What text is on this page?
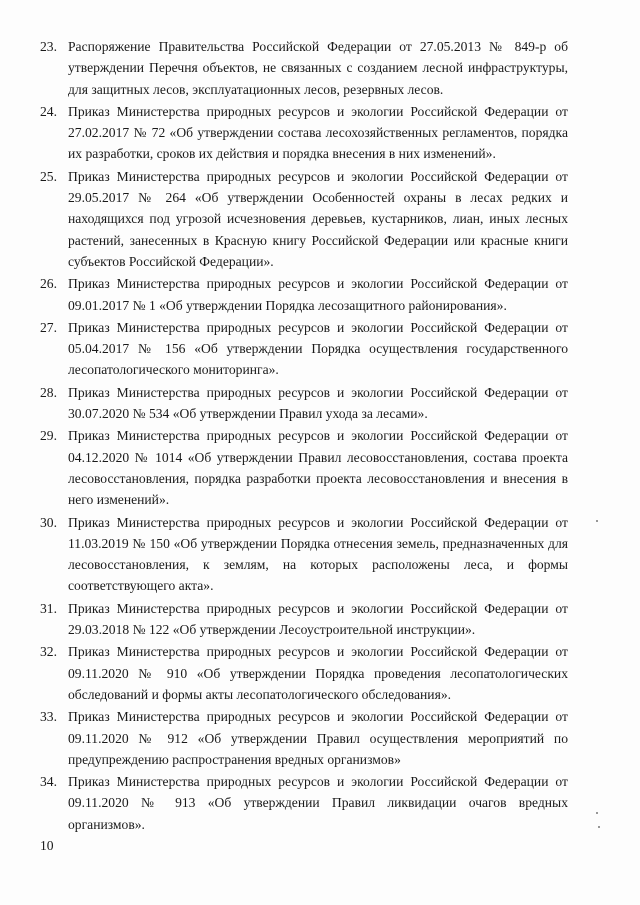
23. Распоряжение Правительства Российской Федерации от 27.05.2013 № 849-р об утверждении Перечня объектов, не связанных с созданием лесной инфраструктуры, для защитных лесов, эксплуатационных лесов, резервных лесов.
24. Приказ Министерства природных ресурсов и экологии Российской Федерации от 27.02.2017 № 72 «Об утверждении состава лесохозяйственных регламентов, порядка их разработки, сроков их действия и порядка внесения в них изменений».
25. Приказ Министерства природных ресурсов и экологии Российской Федерации от 29.05.2017 № 264 «Об утверждении Особенностей охраны в лесах редких и находящихся под угрозой исчезновения деревьев, кустарников, лиан, иных лесных растений, занесенных в Красную книгу Российской Федерации или красные книги субъектов Российской Федерации».
26. Приказ Министерства природных ресурсов и экологии Российской Федерации от 09.01.2017 № 1 «Об утверждении Порядка лесозащитного районирования».
27. Приказ Министерства природных ресурсов и экологии Российской Федерации от 05.04.2017 № 156 «Об утверждении Порядка осуществления государственного лесопатологического мониторинга».
28. Приказ Министерства природных ресурсов и экологии Российской Федерации от 30.07.2020 № 534 «Об утверждении Правил ухода за лесами».
29. Приказ Министерства природных ресурсов и экологии Российской Федерации от 04.12.2020 № 1014 «Об утверждении Правил лесовосстановления, состава проекта лесовосстановления, порядка разработки проекта лесовосстановления и внесения в него изменений».
30. Приказ Министерства природных ресурсов и экологии Российской Федерации от 11.03.2019 № 150 «Об утверждении Порядка отнесения земель, предназначенных для лесовосстановления, к землям, на которых расположены леса, и формы соответствующего акта».
31. Приказ Министерства природных ресурсов и экологии Российской Федерации от 29.03.2018 № 122 «Об утверждении Лесоустроительной инструкции».
32. Приказ Министерства природных ресурсов и экологии Российской Федерации от 09.11.2020 № 910 «Об утверждении Порядка проведения лесопатологических обследований и формы акты лесопатологического обследования».
33. Приказ Министерства природных ресурсов и экологии Российской Федерации от 09.11.2020 № 912 «Об утверждении Правил осуществления мероприятий по предупреждению распространения вредных организмов»
34. Приказ Министерства природных ресурсов и экологии Российской Федерации от 09.11.2020 № 913 «Об утверждении Правил ликвидации очагов вредных организмов».
10
